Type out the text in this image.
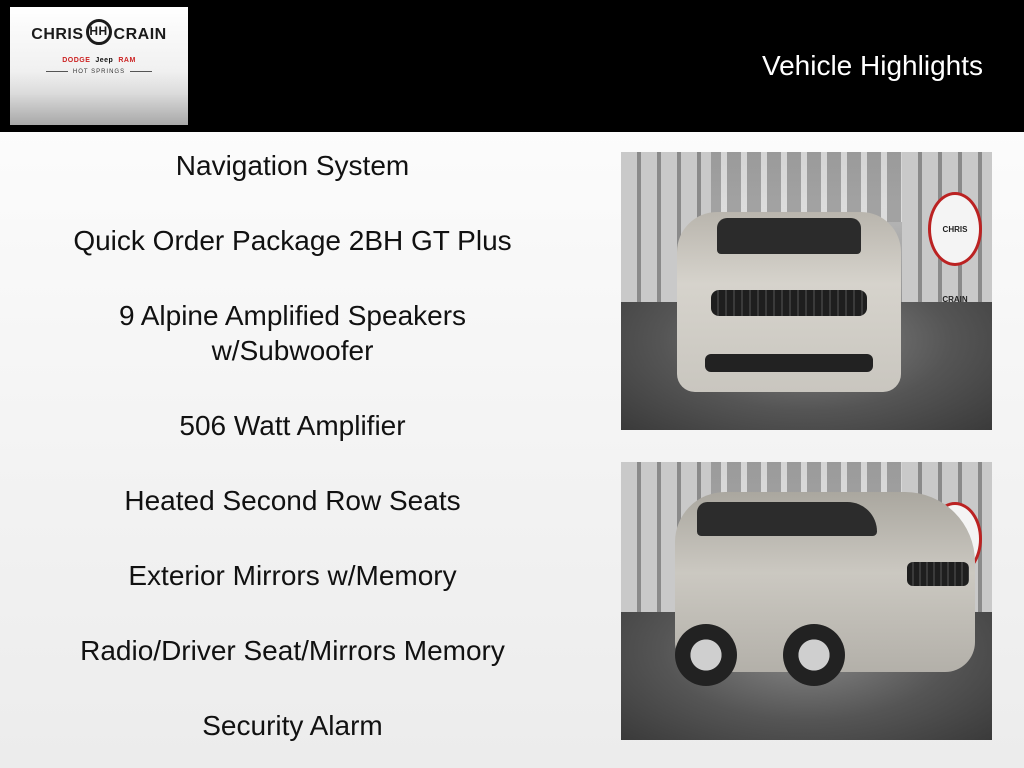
CHRIS HH CRAIN
DODGE Jeep RAM
HOT SPRINGS	Vehicle Highlights
Navigation System
Quick Order Package 2BH GT Plus
9 Alpine Amplified Speakers
w/Subwoofer
506 Watt Amplifier
Heated Second Row Seats
Exterior Mirrors w/Memory
Radio/Driver Seat/Mirrors Memory
Security Alarm
CHRIS CRAIN
